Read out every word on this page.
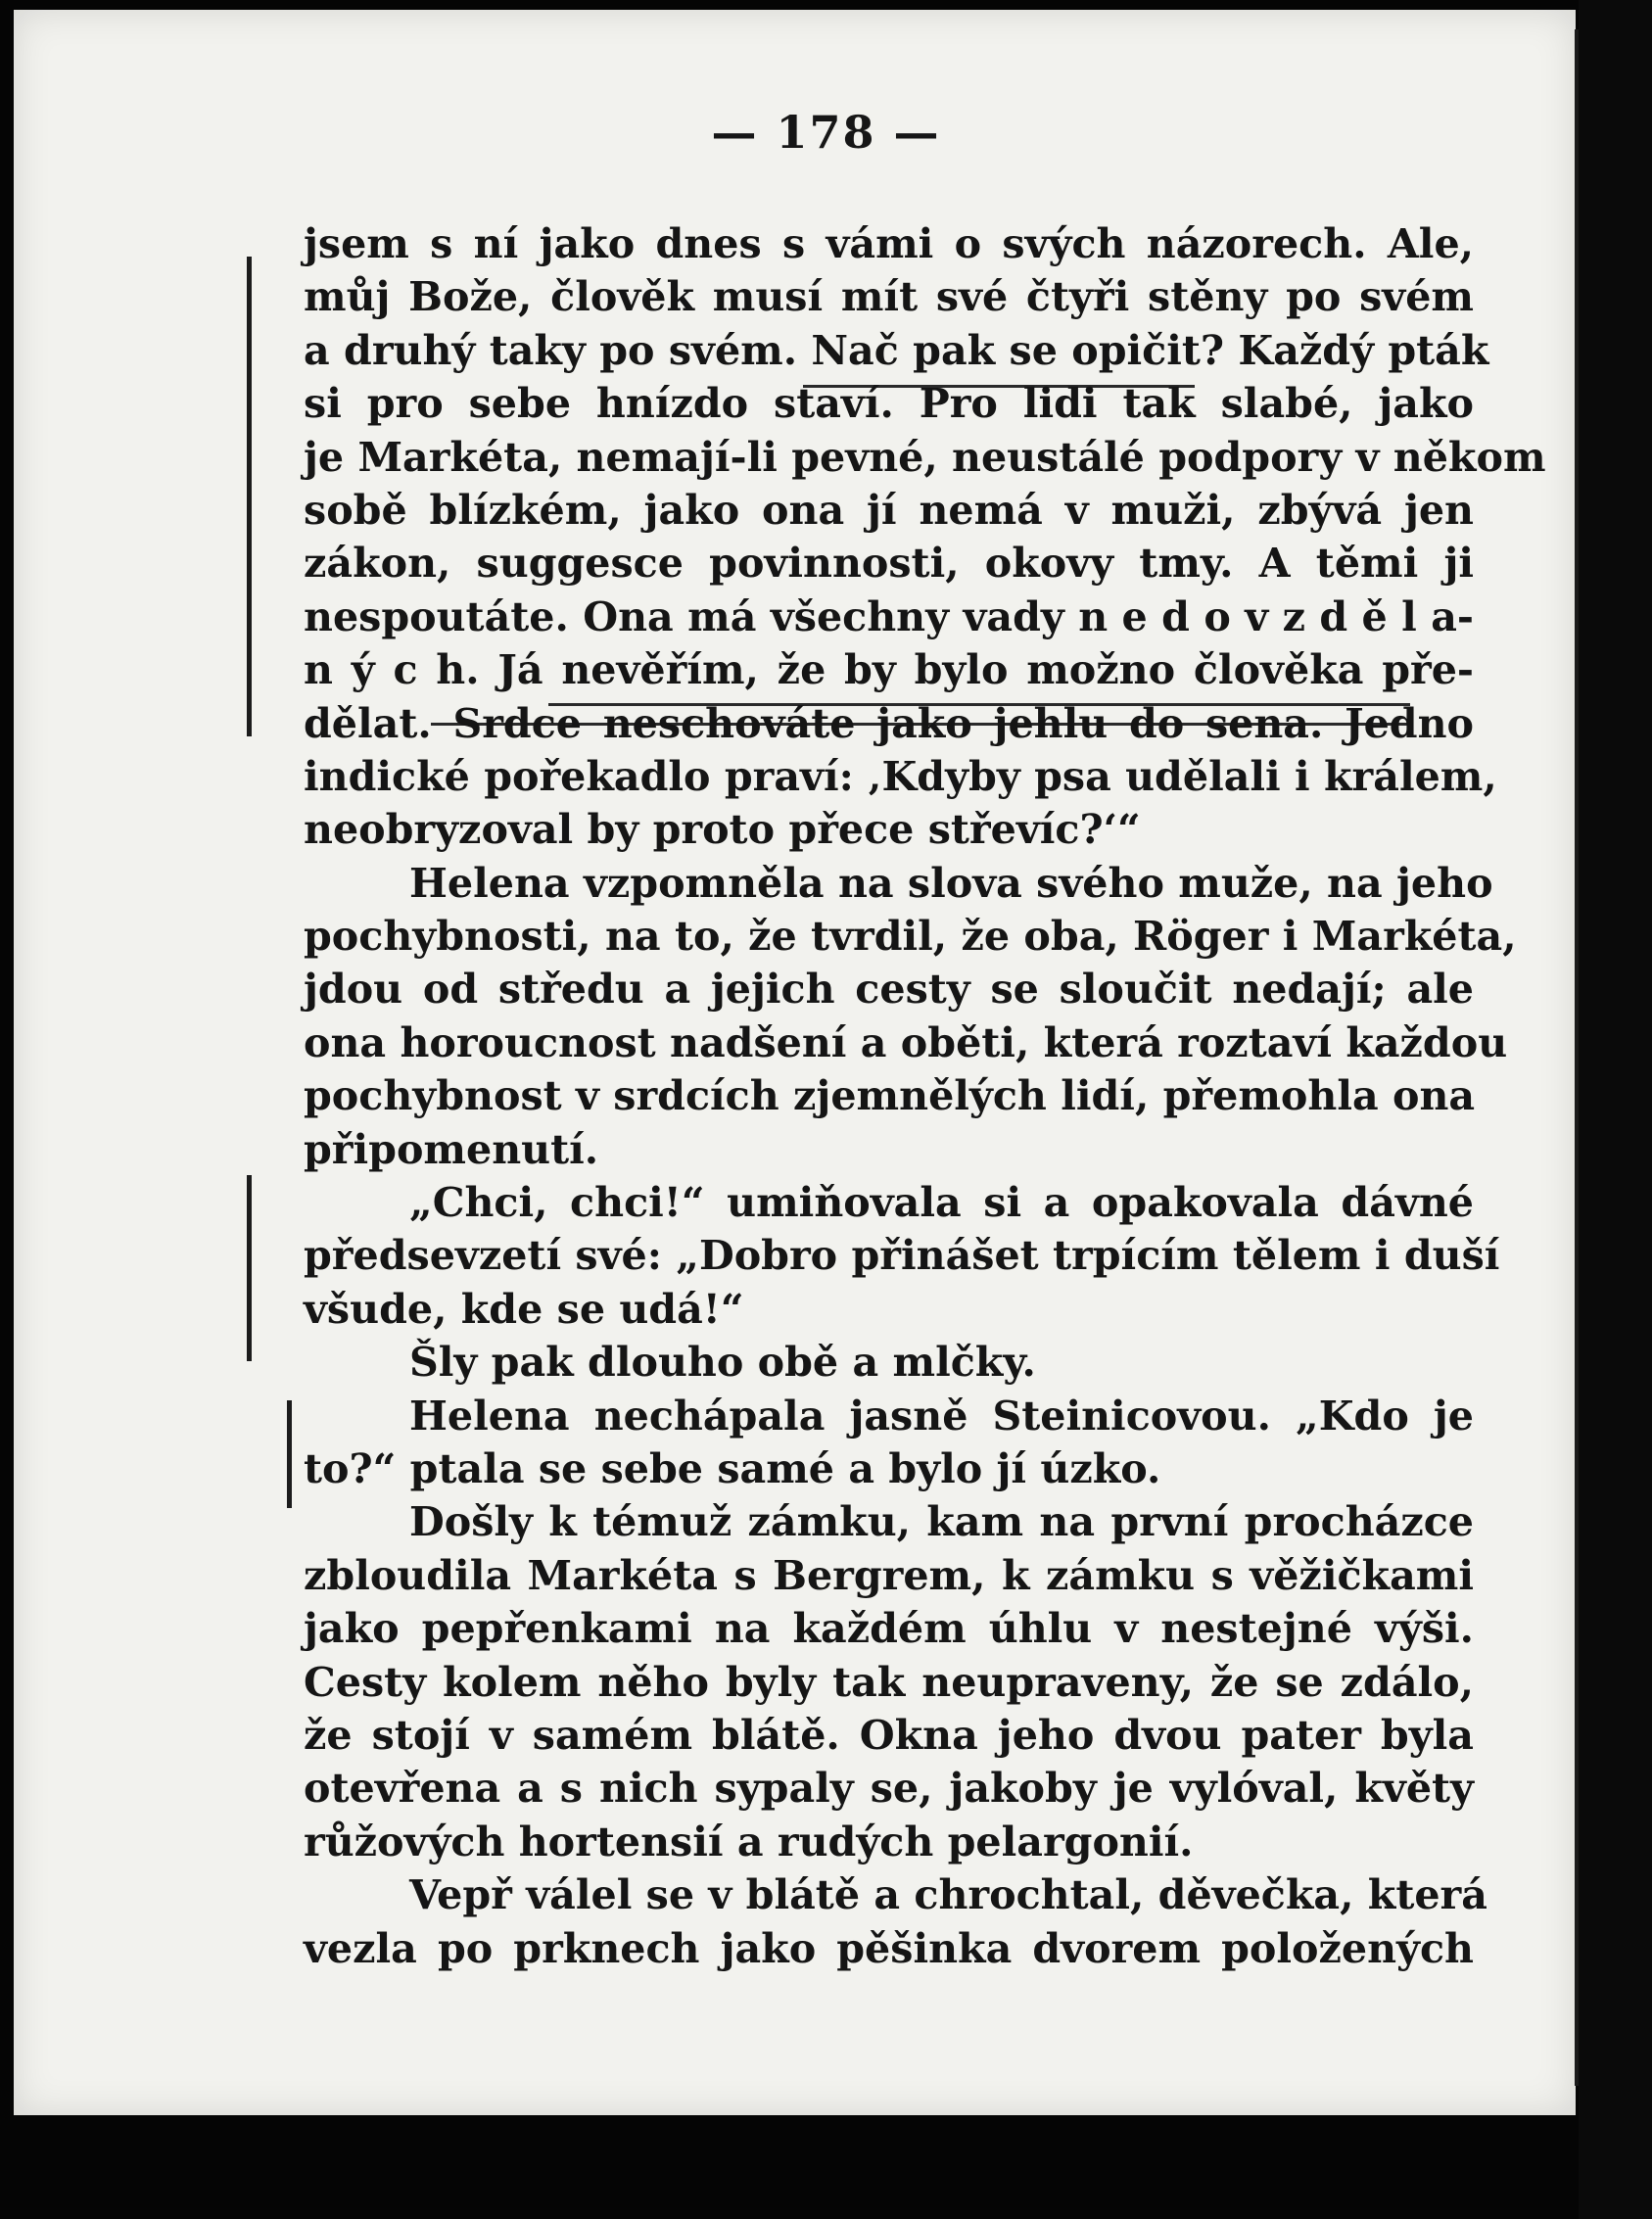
— 178 —
jsem s ní jako dnes s vámi o svých názorech. Ale,
můj Bože, člověk musí mít své čtyři stěny po svém
a druhý taky po svém. Nač pak se opičit? Každý pták
si pro sebe hnízdo staví. Pro lidi tak slabé, jako
je Markéta, nemají-li pevné, neustálé podpory v někom
sobě blízkém, jako ona jí nemá v muži, zbývá jen
zákon, suggesce povinnosti, okovy tmy. A těmi ji
nespoutáte. Ona má všechny vady n e d o v z d ě l a-
n ý c h. Já nevěřím, že by bylo možno člověka pře-
dělat. Srdce neschováte jako jehlu do sena. Jedno
indické pořekadlo praví: ‚Kdyby psa udělali i králem,
neobryzoval by proto přece střevíc?‘“
Helena vzpomněla na slova svého muže, na jeho
pochybnosti, na to, že tvrdil, že oba, Röger i Markéta,
jdou od středu a jejich cesty se sloučit nedají; ale
ona horoucnost nadšení a oběti, která roztaví každou
pochybnost v srdcích zjemnělých lidí, přemohla ona
připomenutí.
„Chci, chci!“ umiňovala si a opakovala dávné
předsevzetí své: „Dobro přinášet trpícím tělem i duší
všude, kde se udá!“
Šly pak dlouho obě a mlčky.
Helena nechápala jasně Steinicovou. „Kdo je
to?“ ptala se sebe samé a bylo jí úzko.
Došly k témuž zámku, kam na první procházce
zbloudila Markéta s Bergrem, k zámku s věžičkami
jako pepřenkami na každém úhlu v nestejné výši.
Cesty kolem něho byly tak neupraveny, že se zdálo,
že stojí v samém blátě. Okna jeho dvou pater byla
otevřena a s nich sypaly se, jakoby je vylóval, květy
růžových hortensií a rudých pelargonií.
Vepř válel se v blátě a chrochtal, děvečka, která
vezla po prknech jako pěšinka dvorem položených
